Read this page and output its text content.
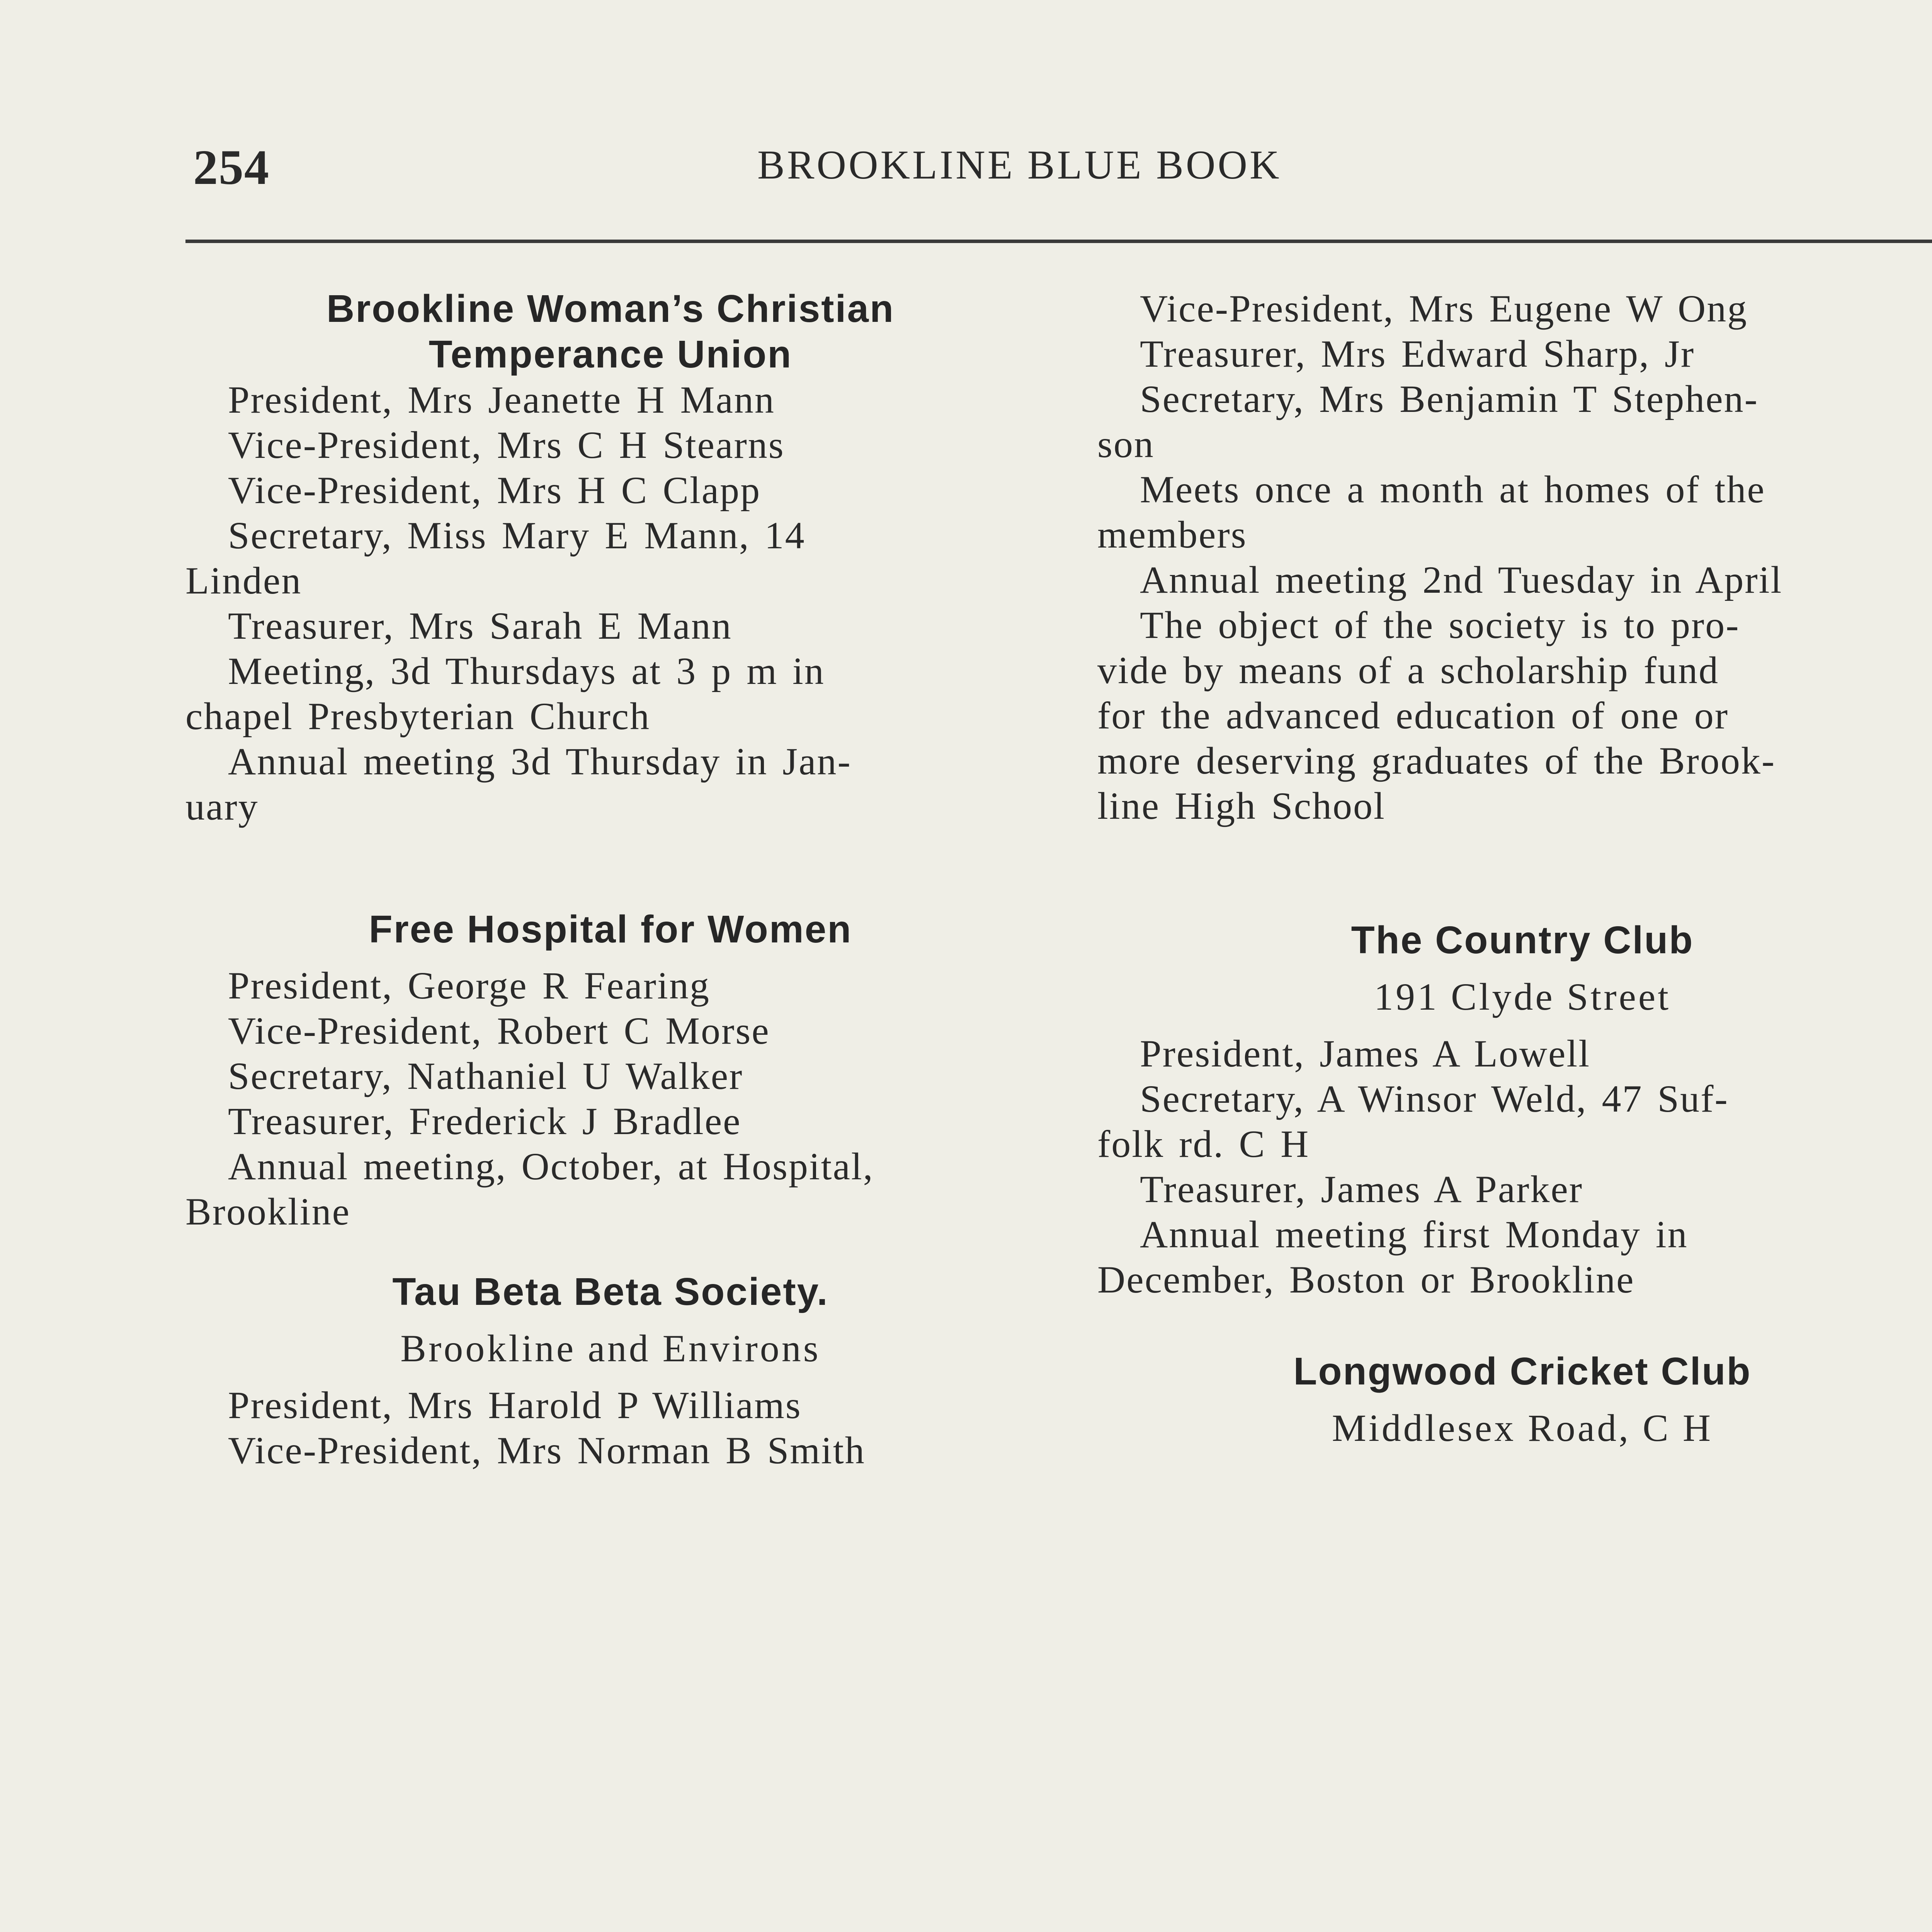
254	BROOKLINE BLUE BOOK
Brookline Woman’s Christian
Temperance Union
President, Mrs Jeanette H Mann
Vice-President, Mrs C H Stearns
Vice-President, Mrs H C Clapp
Secretary, Miss Mary E Mann, 14
Linden
Treasurer, Mrs Sarah E Mann
Meeting, 3d Thursdays at 3 p m in
chapel Presbyterian Church
Annual meeting 3d Thursday in Jan-
uary
Free Hospital for Women
President, George R Fearing
Vice-President, Robert C Morse
Secretary, Nathaniel U Walker
Treasurer, Frederick J Bradlee
Annual meeting, October, at Hospital,
Brookline
Tau Beta Beta Society.
Brookline and Environs
President, Mrs Harold P Williams
Vice-President, Mrs Norman B Smith
Vice-President, Mrs Eugene W Ong
Treasurer, Mrs Edward Sharp, Jr
Secretary, Mrs Benjamin T Stephen-
son
Meets once a month at homes of the
members
Annual meeting 2nd Tuesday in April
The object of the society is to pro-
vide by means of a scholarship fund
for the advanced education of one or
more deserving graduates of the Brook-
line High School
The Country Club
191 Clyde Street
President, James A Lowell
Secretary, A Winsor Weld, 47 Suf-
folk rd. C H
Treasurer, James A Parker
Annual meeting first Monday in
December, Boston or Brookline
Longwood Cricket Club
Middlesex Road, C H
